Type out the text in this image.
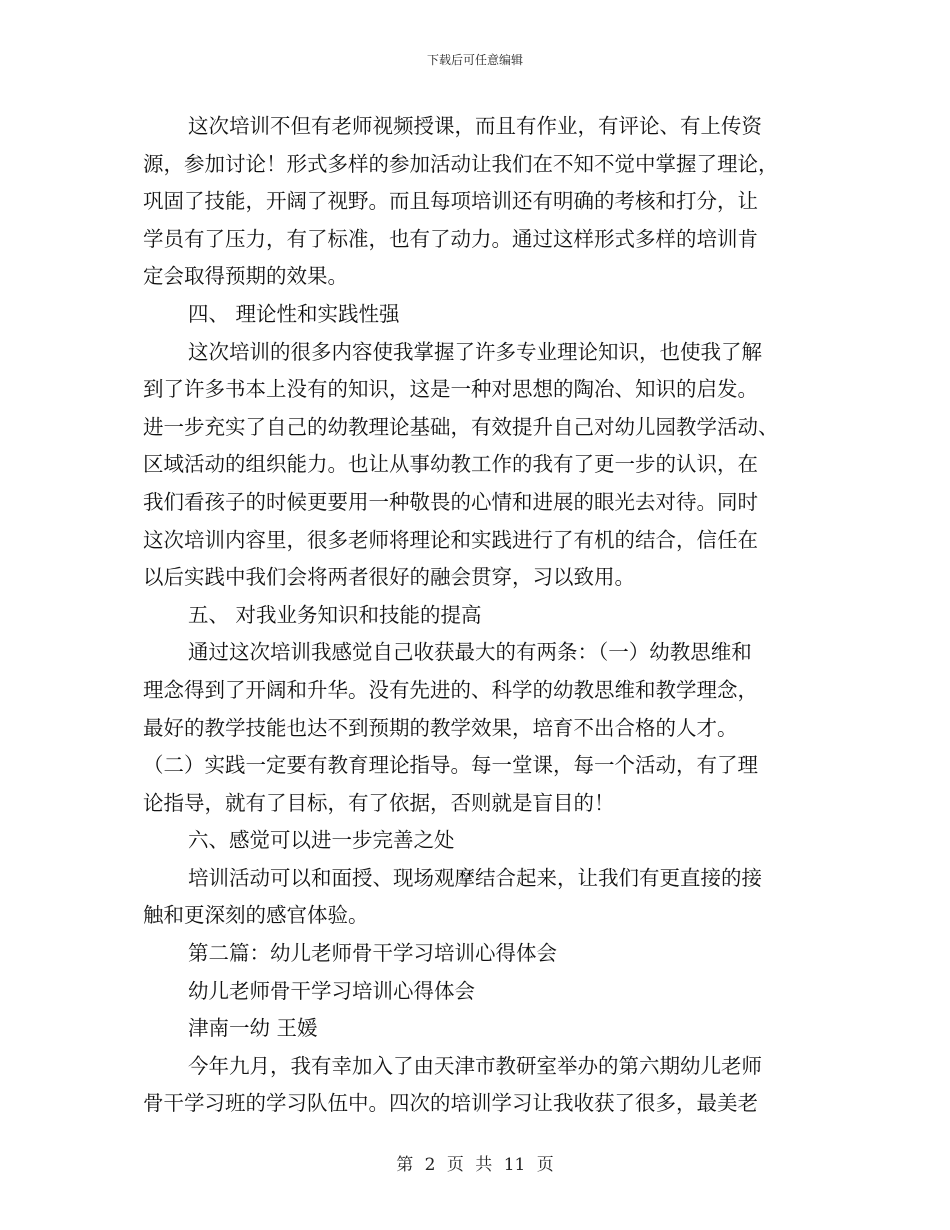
下载后可任意编辑
这次培训不但有老师视频授课，而且有作业，有评论、有上传资
源，参加讨论！形式多样的参加活动让我们在不知不觉中掌握了理论，
巩固了技能，开阔了视野。而且每项培训还有明确的考核和打分，让
学员有了压力，有了标准，也有了动力。通过这样形式多样的培训肯
定会取得预期的效果。
四、 理论性和实践性强
这次培训的很多内容使我掌握了许多专业理论知识，也使我了解
到了许多书本上没有的知识，这是一种对思想的陶冶、知识的启发。
进一步充实了自己的幼教理论基础，有效提升自己对幼儿园教学活动、
区域活动的组织能力。也让从事幼教工作的我有了更一步的认识，在
我们看孩子的时候更要用一种敬畏的心情和进展的眼光去对待。同时
这次培训内容里，很多老师将理论和实践进行了有机的结合，信任在
以后实践中我们会将两者很好的融会贯穿，习以致用。
五、 对我业务知识和技能的提高
通过这次培训我感觉自己收获最大的有两条：（一）幼教思维和
理念得到了开阔和升华。没有先进的、科学的幼教思维和教学理念，
最好的教学技能也达不到预期的教学效果，培育不出合格的人才。
（二）实践一定要有教育理论指导。每一堂课，每一个活动，有了理
论指导，就有了目标，有了依据，否则就是盲目的！
六、感觉可以进一步完善之处
培训活动可以和面授、现场观摩结合起来，让我们有更直接的接
触和更深刻的感官体验。
第二篇：幼儿老师骨干学习培训心得体会
幼儿老师骨干学习培训心得体会
津南一幼 王媛
今年九月，我有幸加入了由天津市教研室举办的第六期幼儿老师
骨干学习班的学习队伍中。四次的培训学习让我收获了很多，最美老
第 2 页 共 11 页
